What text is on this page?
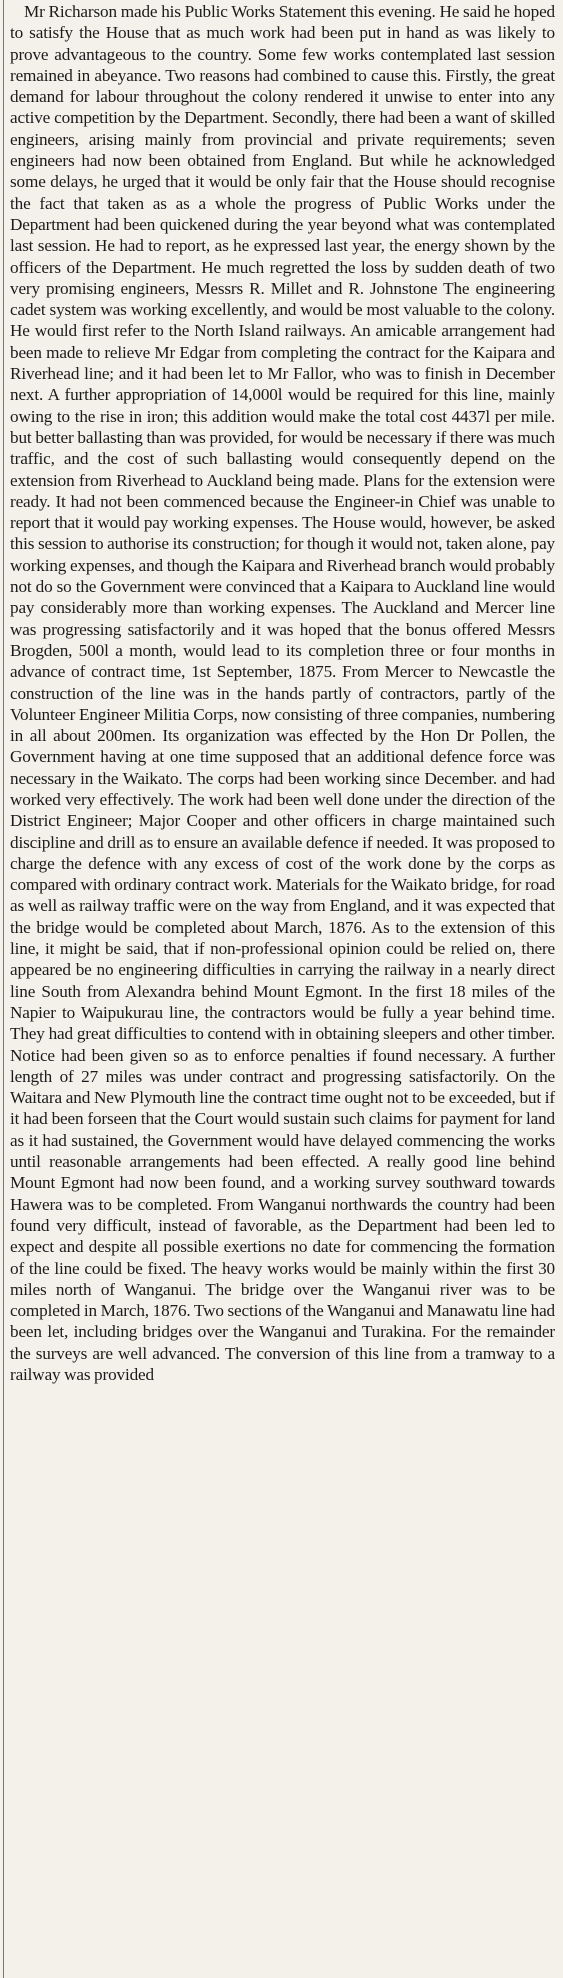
Mr Richarson made his Public Works Statement this evening. He said he hoped to satisfy the House that as much work had been put in hand as was likely to prove advantageous to the country. Some few works contemplated last session remained in abeyance. Two reasons had combined to cause this. Firstly, the great demand for labour throughout the colony rendered it unwise to enter into any active competition by the Department. Secondly, there had been a want of skilled engineers, arising mainly from provincial and private requirements; seven engineers had now been obtained from England. But while he acknowledged some delays, he urged that it would be only fair that the House should recognise the fact that taken as as a whole the progress of Public Works under the Department had been quickened during the year beyond what was contemplated last session. He had to report, as he expressed last year, the energy shown by the officers of the Department. He much regretted the loss by sudden death of two very promising engineers, Messrs R. Millet and R. Johnstone The engineering cadet system was working excellently, and would be most valuable to the colony. He would first refer to the North Island railways. An amicable arrangement had been made to relieve Mr Edgar from completing the contract for the Kaipara and Riverhead line; and it had been let to Mr Fallor, who was to finish in December next. A further appropriation of 14,000l would be required for this line, mainly owing to the rise in iron; this addition would make the total cost 4437l per mile. but better ballasting than was provided, for would be necessary if there was much traffic, and the cost of such ballasting would consequently depend on the extension from Riverhead to Auckland being made. Plans for the extension were ready. It had not been commenced because the Engineer-in Chief was unable to report that it would pay working expenses. The House would, however, be asked this session to authorise its construction; for though it would not, taken alone, pay working expenses, and though the Kaipara and Riverhead branch would probably not do so the Government were convinced that a Kaipara to Auckland line would pay considerably more than working expenses. The Auckland and Mercer line was progressing satisfactorily and it was hoped that the bonus offered Messrs Brogden, 500l a month, would lead to its completion three or four months in advance of contract time, 1st September, 1875. From Mercer to Newcastle the construction of the line was in the hands partly of contractors, partly of the Volunteer Engineer Militia Corps, now consisting of three companies, numbering in all about 200men. Its organization was effected by the Hon Dr Pollen, the Government having at one time supposed that an additional defence force was necessary in the Waikato. The corps had been working since December. and had worked very effectively. The work had been well done under the direction of the District Engineer; Major Cooper and other officers in charge maintained such discipline and drill as to ensure an available defence if needed. It was proposed to charge the defence with any excess of cost of the work done by the corps as compared with ordinary contract work. Materials for the Waikato bridge, for road as well as railway traffic were on the way from England, and it was expected that the bridge would be completed about March, 1876. As to the extension of this line, it might be said, that if non-professional opinion could be relied on, there appeared be no engineering difficulties in carrying the railway in a nearly direct line South from Alexandra behind Mount Egmont. In the first 18 miles of the Napier to Waipukurau line, the contractors would be fully a year behind time. They had great difficulties to contend with in obtaining sleepers and other timber. Notice had been given so as to enforce penalties if found necessary. A further length of 27 miles was under contract and progressing satisfactorily. On the Waitara and New Plymouth line the contract time ought not to be exceeded, but if it had been forseen that the Court would sustain such claims for payment for land as it had sustained, the Government would have delayed commencing the works until reasonable arrangements had been effected. A really good line behind Mount Egmont had now been found, and a working survey southward towards Hawera was to be completed. From Wanganui northwards the country had been found very difficult, instead of favorable, as the Department had been led to expect and despite all possible exertions no date for commencing the formation of the line could be fixed. The heavy works would be mainly within the first 30 miles north of Wanganui. The bridge over the Wanganui river was to be completed in March, 1876. Two sections of the Wanganui and Manawatu line had been let, including bridges over the Wanganui and Turakina. For the remainder the surveys are well advanced. The conversion of this line from a tramway to a railway was provided
